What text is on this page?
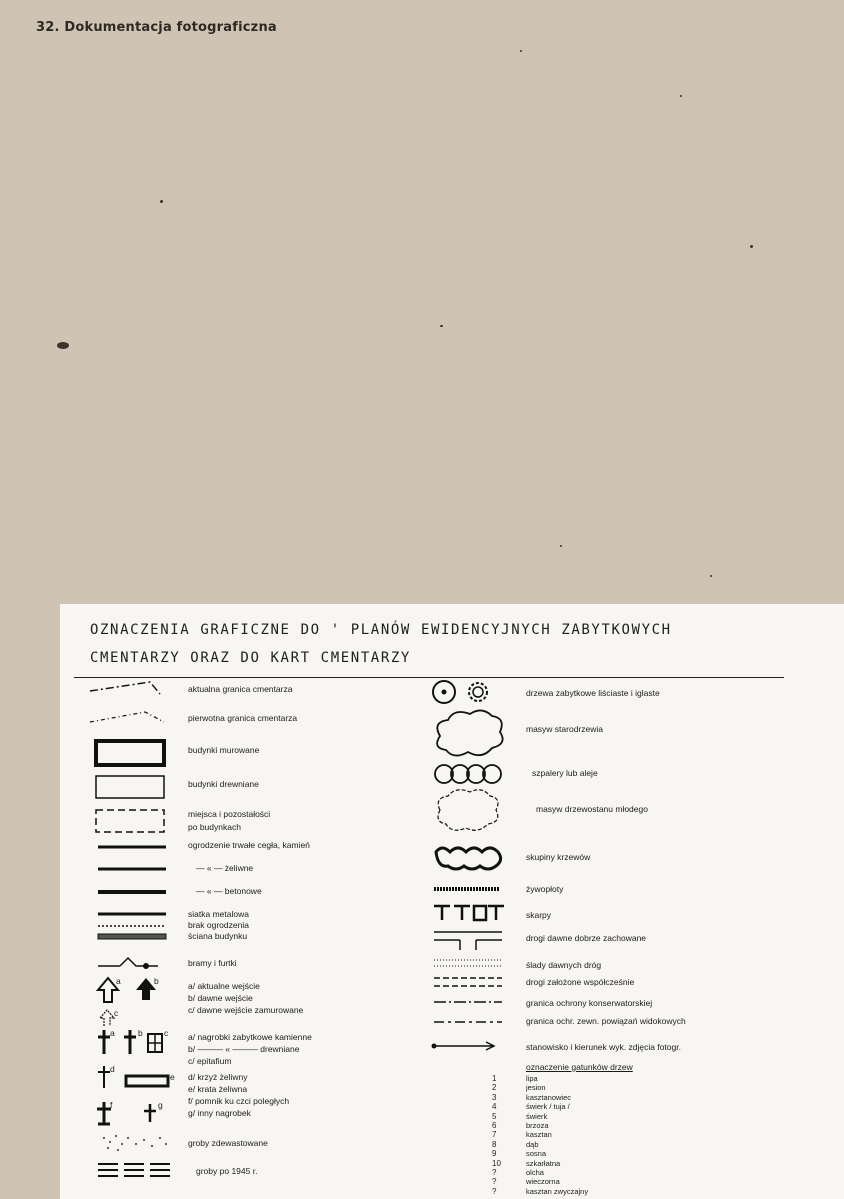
32. Dokumentacja fotograficzna
OZNACZENIA GRAFICZNE DO ' PLANÓW EWIDENCYJNYCH ZABYTKOWYCH
CMENTARZY ORAZ DO KART CMENTARZY
a	b
c
a	b	c
d
e
f	g
aktualna granica cmentarza
pierwotna granica cmentarza
budynki murowane
budynki drewniane
miejsca i pozostałości
po budynkach
ogrodzenie trwałe cegła, kamień
— « — żeliwne
— « — betonowe
siatka metalowa
brak ogrodzenia
ściana budynku
bramy i furtki
a/ aktualne wejście
b/ dawne wejście
c/ dawne wejście zamurowane
a/ nagrobki zabytkowe kamienne
b/ ——— « ——— drewniane
c/ epitafium
d/ krzyż żeliwny
e/ krata żeliwna
f/ pomnik ku czci poległych
g/ inny nagrobek
groby zdewastowane
groby po 1945 r.
drzewa zabytkowe liściaste i iglaste
masyw starodrzewia
szpalery lub aleje
masyw drzewostanu młodego
skupiny krzewów
żywopłoty
skarpy
drogi dawne dobrze zachowane
ślady dawnych dróg
drogi założone współcześnie
granica ochrony konserwatorskiej
granica ochr. zewn. powiązań widokowych
stanowisko i kierunek wyk. zdjęcia fotogr.
oznaczenie gatunków drzew
1	lipa
2	jesion
3	kasztanowiec
4	świerk / tuja /
5	świerk
6	brzoza
7	kasztan
8	dąb
9	sosna
10	szkarłatna
?	olcha
?	wieczorna
?	kasztan zwyczajny
